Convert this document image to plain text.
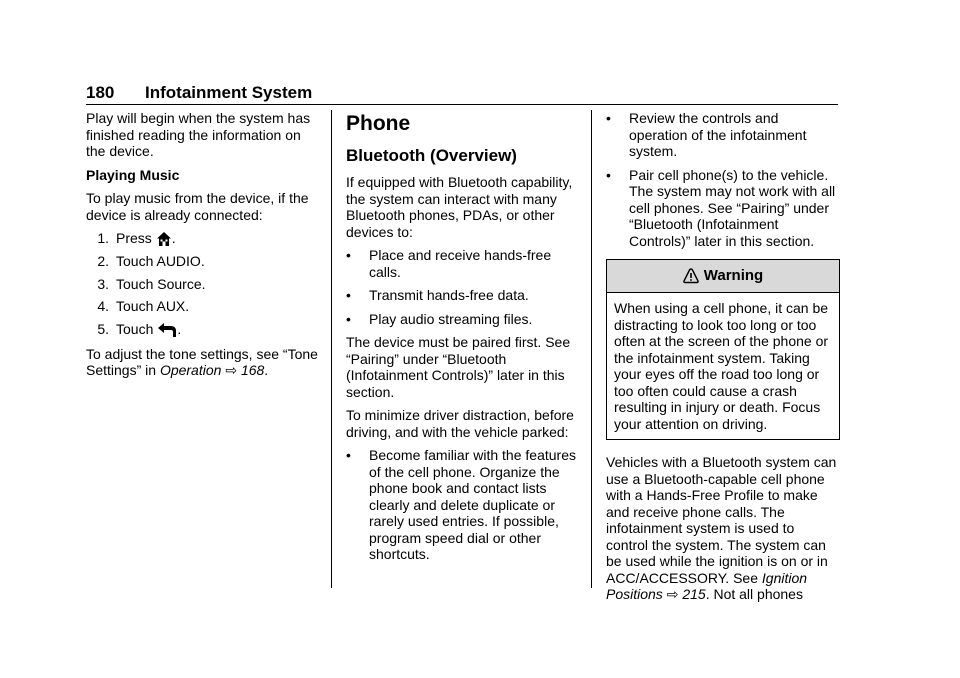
180 Infotainment System

Play will begin when the system has finished reading the information on the device.

Playing Music

To play music from the device, if the device is already connected:

1. Press .
2. Touch AUDIO.
3. Touch Source.
4. Touch AUX.
5. Touch .

To adjust the tone settings, see “Tone Settings” in Operation ⇨ 168.

Phone
Bluetooth (Overview)

If equipped with Bluetooth capability, the system can interact with many Bluetooth phones, PDAs, or other devices to:

•	Place and receive hands-free calls.
•	Transmit hands-free data.
•	Play audio streaming files.

The device must be paired first. See “Pairing” under “Bluetooth (Infotainment Controls)” later in this section.

To minimize driver distraction, before driving, and with the vehicle parked:

•	Become familiar with the features of the cell phone. Organize the phone book and contact lists clearly and delete duplicate or rarely used entries. If possible, program speed dial or other shortcuts.
•	Review the controls and operation of the infotainment system.
•	Pair cell phone(s) to the vehicle. The system may not work with all cell phones. See “Pairing” under “Bluetooth (Infotainment Controls)” later in this section.
Warning
When using a cell phone, it can be distracting to look too long or too often at the screen of the phone or the infotainment system. Taking your eyes off the road too long or too often could cause a crash resulting in injury or death. Focus your attention on driving.

Vehicles with a Bluetooth system can use a Bluetooth-capable cell phone with a Hands-Free Profile to make and receive phone calls. The infotainment system is used to control the system. The system can be used while the ignition is on or in ACC/ACCESSORY. See Ignition Positions ⇨ 215. Not all phones
